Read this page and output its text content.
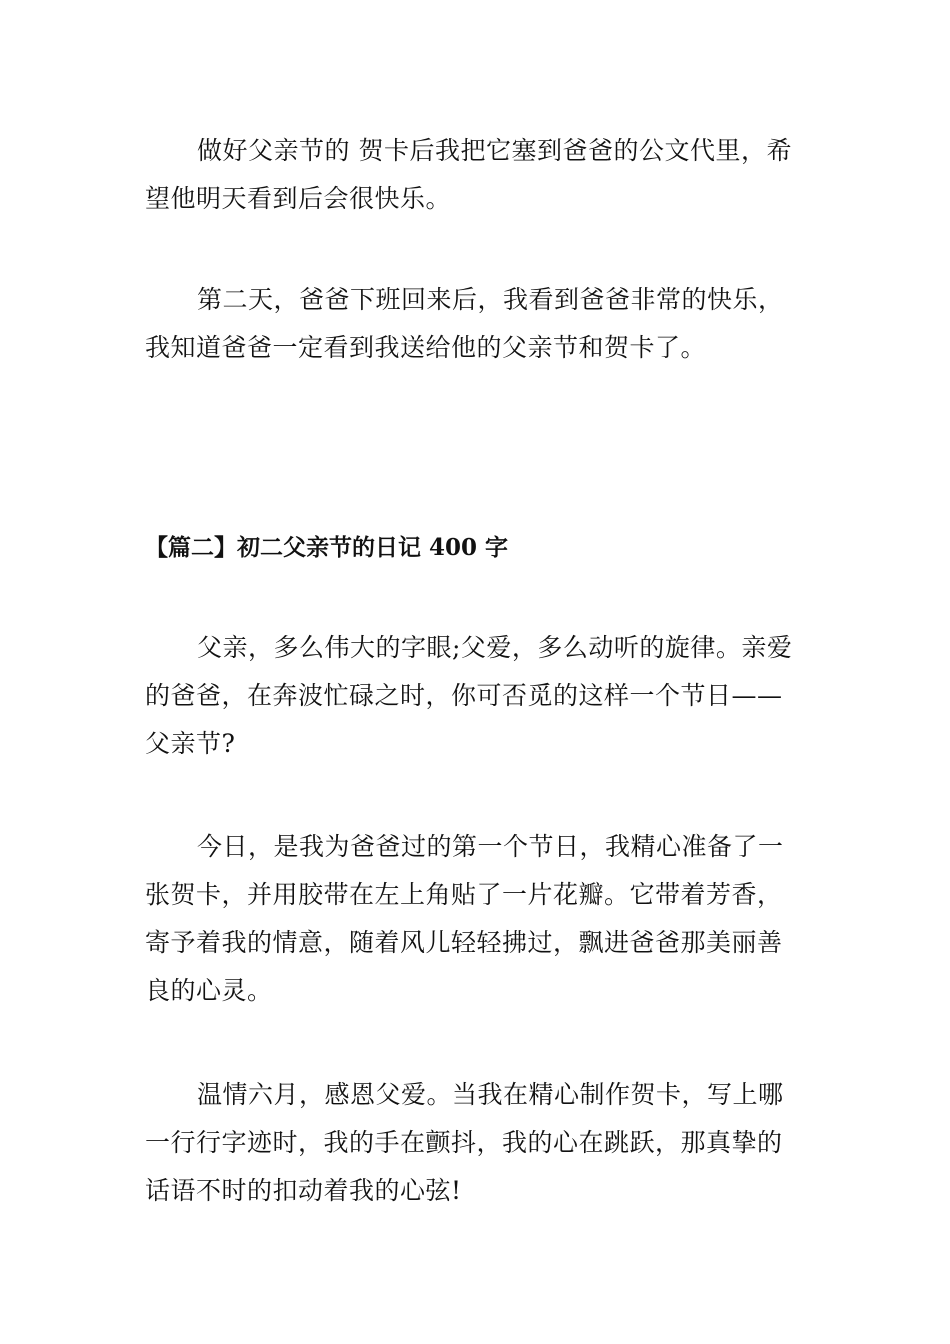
做好父亲节的 贺卡后我把它塞到爸爸的公文代里，希望他明天看到后会很快乐。

第二天，爸爸下班回来后，我看到爸爸非常的快乐，我知道爸爸一定看到我送给他的父亲节和贺卡了。

【篇二】初二父亲节的日记 400 字

父亲，多么伟大的字眼;父爱，多么动听的旋律。亲爱的爸爸，在奔波忙碌之时，你可否觅的这样一个节日——父亲节?

今日，是我为爸爸过的第一个节日，我精心准备了一张贺卡，并用胶带在左上角贴了一片花瓣。它带着芳香，寄予着我的情意，随着风儿轻轻拂过，飘进爸爸那美丽善良的心灵。

温情六月，感恩父爱。当我在精心制作贺卡，写上哪一行行字迹时，我的手在颤抖，我的心在跳跃，那真挚的话语不时的扣动着我的心弦!
